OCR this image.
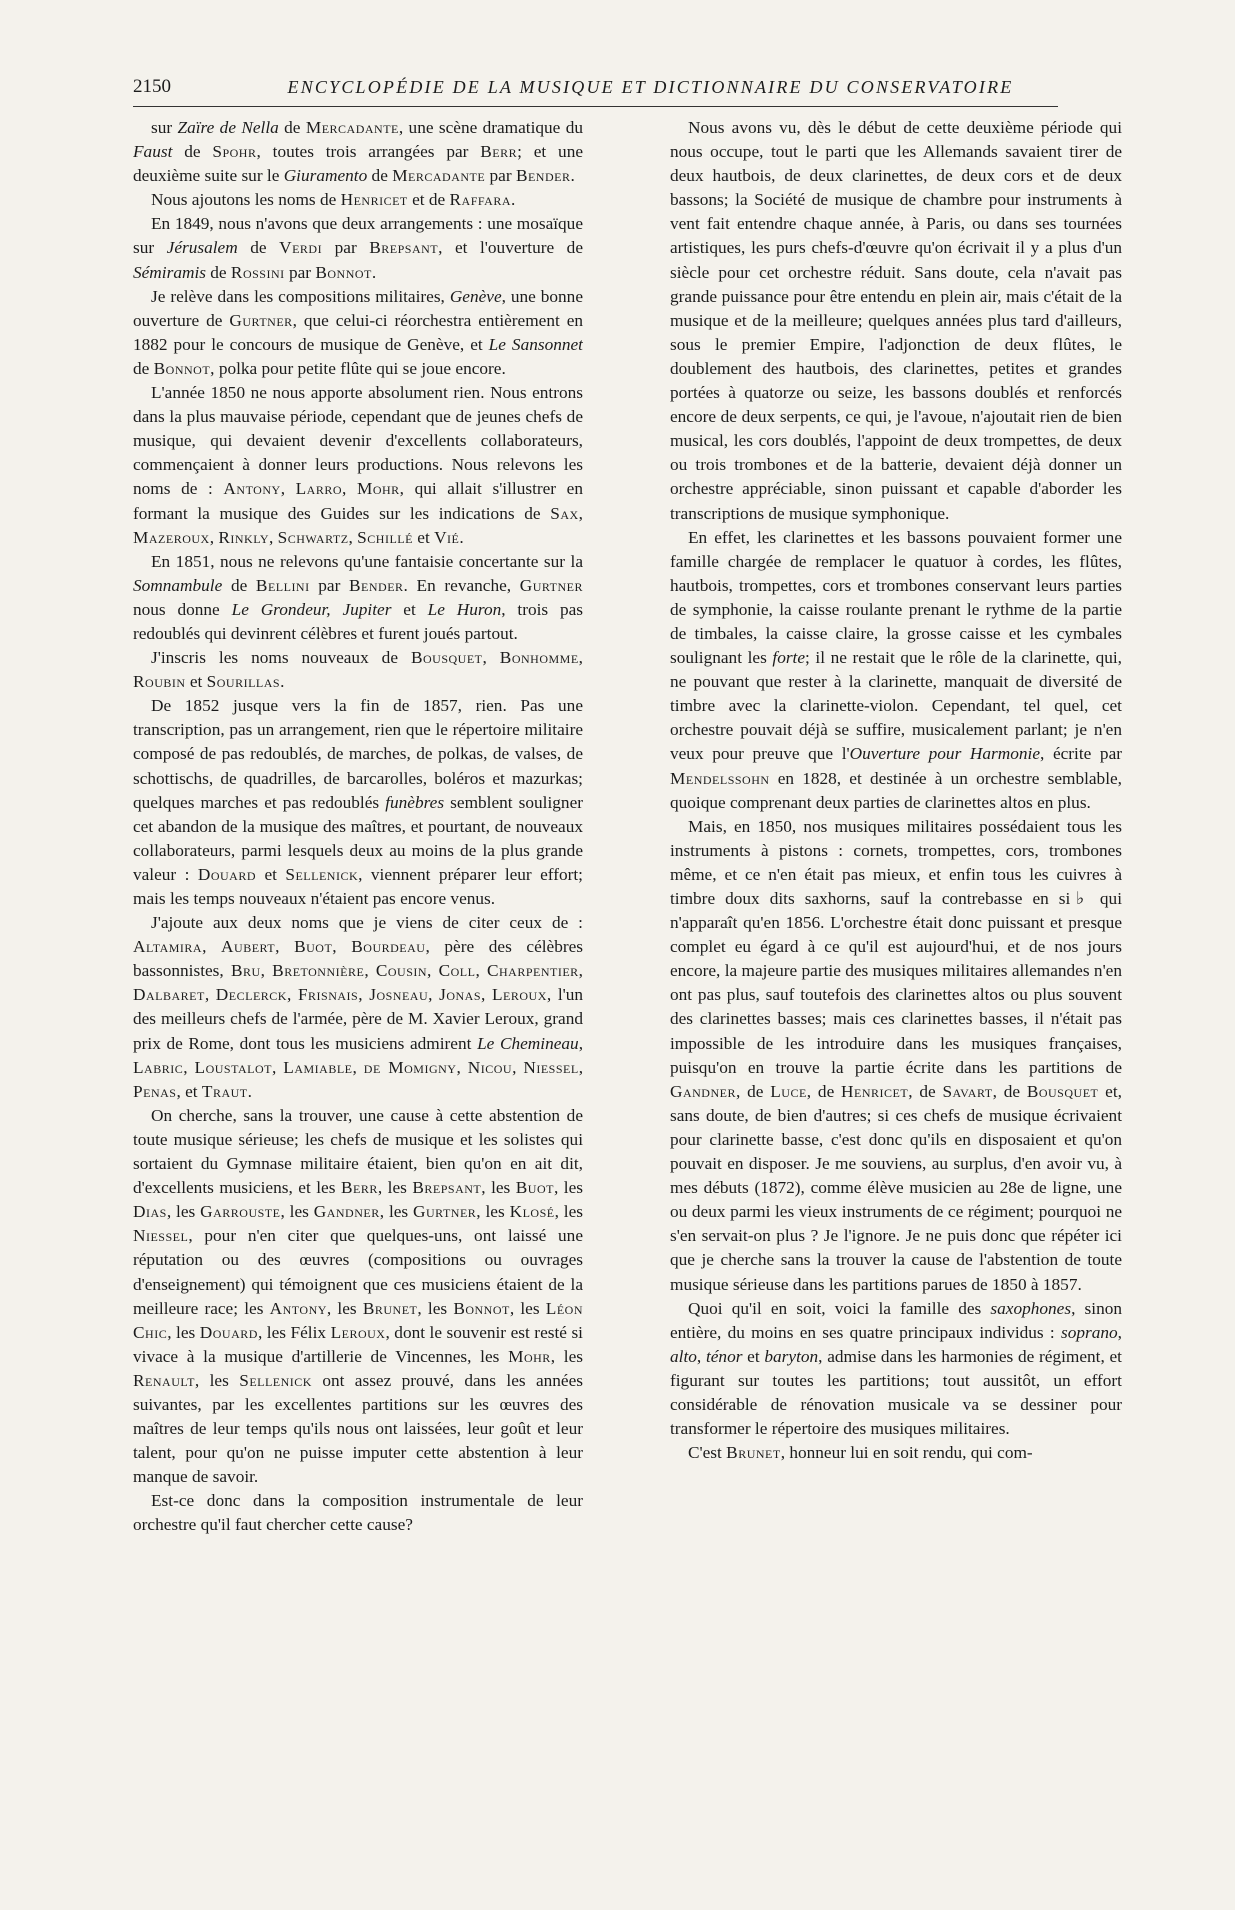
2150	ENCYCLOPÉDIE DE LA MUSIQUE ET DICTIONNAIRE DU CONSERVATOIRE

sur Zaïre de Nella de Mercadante, une scène dramatique du Faust de Spohr, toutes trois arrangées par Berr; et une deuxième suite sur le Giuramento de Mercadante par Bender.

Nous ajoutons les noms de Henricet et de Raffara.

En 1849, nous n'avons que deux arrangements : une mosaïque sur Jérusalem de Verdi par Brepsant, et l'ouverture de Sémiramis de Rossini par Bonnot.

Je relève dans les compositions militaires, Genève, une bonne ouverture de Gurtner, que celui-ci réorchestra entièrement en 1882 pour le concours de musique de Genève, et Le Sansonnet de Bonnot, polka pour petite flûte qui se joue encore.

L'année 1850 ne nous apporte absolument rien. Nous entrons dans la plus mauvaise période, cependant que de jeunes chefs de musique, qui devaient devenir d'excellents collaborateurs, commençaient à donner leurs productions. Nous relevons les noms de : Antony, Larro, Mohr, qui allait s'illustrer en formant la musique des Guides sur les indications de Sax, Mazeroux, Rinkly, Schwartz, Schillé et Vié.

En 1851, nous ne relevons qu'une fantaisie concertante sur la Somnambule de Bellini par Bender. En revanche, Gurtner nous donne Le Grondeur, Jupiter et Le Huron, trois pas redoublés qui devinrent célèbres et furent joués partout.

J'inscris les noms nouveaux de Bousquet, Bonhomme, Roubin et Sourillas.

De 1852 jusque vers la fin de 1857, rien. Pas une transcription, pas un arrangement, rien que le répertoire militaire composé de pas redoublés, de marches, de polkas, de valses, de schottischs, de quadrilles, de barcarolles, boléros et mazurkas; quelques marches et pas redoublés funèbres semblent souligner cet abandon de la musique des maîtres, et pourtant, de nouveaux collaborateurs, parmi lesquels deux au moins de la plus grande valeur : Douard et Sellenick, viennent préparer leur effort; mais les temps nouveaux n'étaient pas encore venus.

J'ajoute aux deux noms que je viens de citer ceux de : Altamira, Aubert, Buot, Bourdeau, père des célèbres bassonnistes, Bru, Bretonnière, Cousin, Coll, Charpentier, Dalbaret, Declerck, Frisnais, Josneau, Jonas, Leroux, l'un des meilleurs chefs de l'armée, père de M. Xavier Leroux, grand prix de Rome, dont tous les musiciens admirent Le Chemineau, Labric, Loustalot, Lamiable, de Momigny, Nicou, Niessel, Penas, et Traut.

On cherche, sans la trouver, une cause à cette abstention de toute musique sérieuse; les chefs de musique et les solistes qui sortaient du Gymnase militaire étaient, bien qu'on en ait dit, d'excellents musiciens, et les Berr, les Brepsant, les Buot, les Dias, les Garrouste, les Gandner, les Gurtner, les Klosé, les Niessel, pour n'en citer que quelques-uns, ont laissé une réputation ou des œuvres (compositions ou ouvrages d'enseignement) qui témoignent que ces musiciens étaient de la meilleure race; les Antony, les Brunet, les Bonnot, les Léon Chic, les Douard, les Félix Leroux, dont le souvenir est resté si vivace à la musique d'artillerie de Vincennes, les Mohr, les Renault, les Sellenick ont assez prouvé, dans les années suivantes, par les excellentes partitions sur les œuvres des maîtres de leur temps qu'ils nous ont laissées, leur goût et leur talent, pour qu'on ne puisse imputer cette abstention à leur manque de savoir.

Est-ce donc dans la composition instrumentale de leur orchestre qu'il faut chercher cette cause?

Nous avons vu, dès le début de cette deuxième période qui nous occupe, tout le parti que les Allemands savaient tirer de deux hautbois, de deux clarinettes, de deux cors et de deux bassons; la Société de musique de chambre pour instruments à vent fait entendre chaque année, à Paris, ou dans ses tournées artistiques, les purs chefs-d'œuvre qu'on écrivait il y a plus d'un siècle pour cet orchestre réduit. Sans doute, cela n'avait pas grande puissance pour être entendu en plein air, mais c'était de la musique et de la meilleure; quelques années plus tard d'ailleurs, sous le premier Empire, l'adjonction de deux flûtes, le doublement des hautbois, des clarinettes, petites et grandes portées à quatorze ou seize, les bassons doublés et renforcés encore de deux serpents, ce qui, je l'avoue, n'ajoutait rien de bien musical, les cors doublés, l'appoint de deux trompettes, de deux ou trois trombones et de la batterie, devaient déjà donner un orchestre appréciable, sinon puissant et capable d'aborder les transcriptions de musique symphonique.

En effet, les clarinettes et les bassons pouvaient former une famille chargée de remplacer le quatuor à cordes, les flûtes, hautbois, trompettes, cors et trombones conservant leurs parties de symphonie, la caisse roulante prenant le rythme de la partie de timbales, la caisse claire, la grosse caisse et les cymbales soulignant les forte; il ne restait que le rôle de la clarinette, qui, ne pouvant que rester à la clarinette, manquait de diversité de timbre avec la clarinette-violon. Cependant, tel quel, cet orchestre pouvait déjà se suffire, musicalement parlant; je n'en veux pour preuve que l'Ouverture pour Harmonie, écrite par Mendelssohn en 1828, et destinée à un orchestre semblable, quoique comprenant deux parties de clarinettes altos en plus.

Mais, en 1850, nos musiques militaires possédaient tous les instruments à pistons : cornets, trompettes, cors, trombones même, et ce n'en était pas mieux, et enfin tous les cuivres à timbre doux dits saxhorns, sauf la contrebasse en si♭ qui n'apparaît qu'en 1856. L'orchestre était donc puissant et presque complet eu égard à ce qu'il est aujourd'hui, et de nos jours encore, la majeure partie des musiques militaires allemandes n'en ont pas plus, sauf toutefois des clarinettes altos ou plus souvent des clarinettes basses; mais ces clarinettes basses, il n'était pas impossible de les introduire dans les musiques françaises, puisqu'on en trouve la partie écrite dans les partitions de Gandner, de Luce, de Henricet, de Savart, de Bousquet et, sans doute, de bien d'autres; si ces chefs de musique écrivaient pour clarinette basse, c'est donc qu'ils en disposaient et qu'on pouvait en disposer. Je me souviens, au surplus, d'en avoir vu, à mes débuts (1872), comme élève musicien au 28e de ligne, une ou deux parmi les vieux instruments de ce régiment; pourquoi ne s'en servait-on plus ? Je l'ignore. Je ne puis donc que répéter ici que je cherche sans la trouver la cause de l'abstention de toute musique sérieuse dans les partitions parues de 1850 à 1857.

Quoi qu'il en soit, voici la famille des saxophones, sinon entière, du moins en ses quatre principaux individus : soprano, alto, ténor et baryton, admise dans les harmonies de régiment, et figurant sur toutes les partitions; tout aussitôt, un effort considérable de rénovation musicale va se dessiner pour transformer le répertoire des musiques militaires.

C'est Brunet, honneur lui en soit rendu, qui com-
